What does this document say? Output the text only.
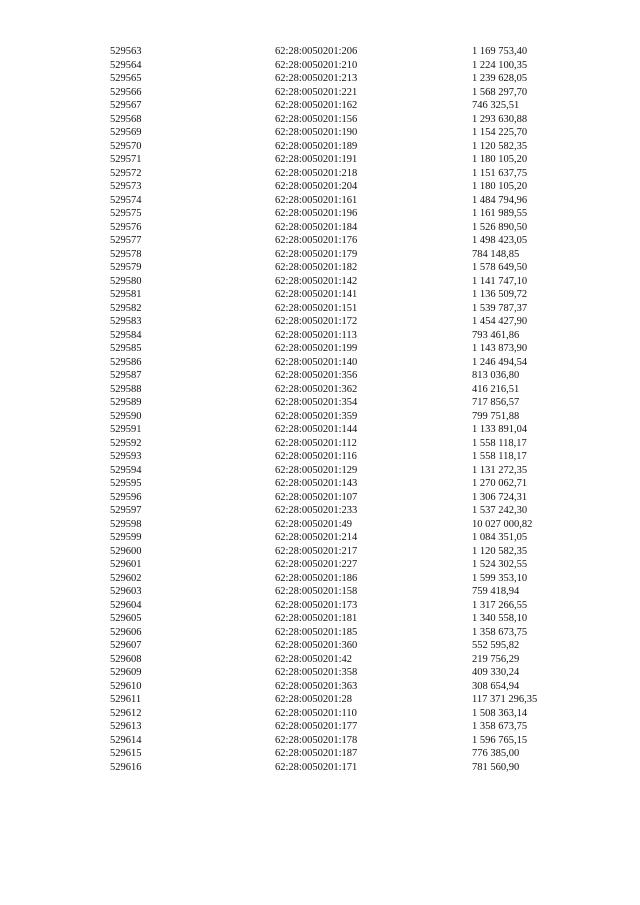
529563	62:28:0050201:206	1 169 753,40
529564	62:28:0050201:210	1 224 100,35
529565	62:28:0050201:213	1 239 628,05
529566	62:28:0050201:221	1 568 297,70
529567	62:28:0050201:162	746 325,51
529568	62:28:0050201:156	1 293 630,88
529569	62:28:0050201:190	1 154 225,70
529570	62:28:0050201:189	1 120 582,35
529571	62:28:0050201:191	1 180 105,20
529572	62:28:0050201:218	1 151 637,75
529573	62:28:0050201:204	1 180 105,20
529574	62:28:0050201:161	1 484 794,96
529575	62:28:0050201:196	1 161 989,55
529576	62:28:0050201:184	1 526 890,50
529577	62:28:0050201:176	1 498 423,05
529578	62:28:0050201:179	784 148,85
529579	62:28:0050201:182	1 578 649,50
529580	62:28:0050201:142	1 141 747,10
529581	62:28:0050201:141	1 136 509,72
529582	62:28:0050201:151	1 539 787,37
529583	62:28:0050201:172	1 454 427,90
529584	62:28:0050201:113	793 461,86
529585	62:28:0050201:199	1 143 873,90
529586	62:28:0050201:140	1 246 494,54
529587	62:28:0050201:356	813 036,80
529588	62:28:0050201:362	416 216,51
529589	62:28:0050201:354	717 856,57
529590	62:28:0050201:359	799 751,88
529591	62:28:0050201:144	1 133 891,04
529592	62:28:0050201:112	1 558 118,17
529593	62:28:0050201:116	1 558 118,17
529594	62:28:0050201:129	1 131 272,35
529595	62:28:0050201:143	1 270 062,71
529596	62:28:0050201:107	1 306 724,31
529597	62:28:0050201:233	1 537 242,30
529598	62:28:0050201:49	10 027 000,82
529599	62:28:0050201:214	1 084 351,05
529600	62:28:0050201:217	1 120 582,35
529601	62:28:0050201:227	1 524 302,55
529602	62:28:0050201:186	1 599 353,10
529603	62:28:0050201:158	759 418,94
529604	62:28:0050201:173	1 317 266,55
529605	62:28:0050201:181	1 340 558,10
529606	62:28:0050201:185	1 358 673,75
529607	62:28:0050201:360	552 595,82
529608	62:28:0050201:42	219 756,29
529609	62:28:0050201:358	409 330,24
529610	62:28:0050201:363	308 654,94
529611	62:28:0050201:28	117 371 296,35
529612	62:28:0050201:110	1 508 363,14
529613	62:28:0050201:177	1 358 673,75
529614	62:28:0050201:178	1 596 765,15
529615	62:28:0050201:187	776 385,00
529616	62:28:0050201:171	781 560,90
